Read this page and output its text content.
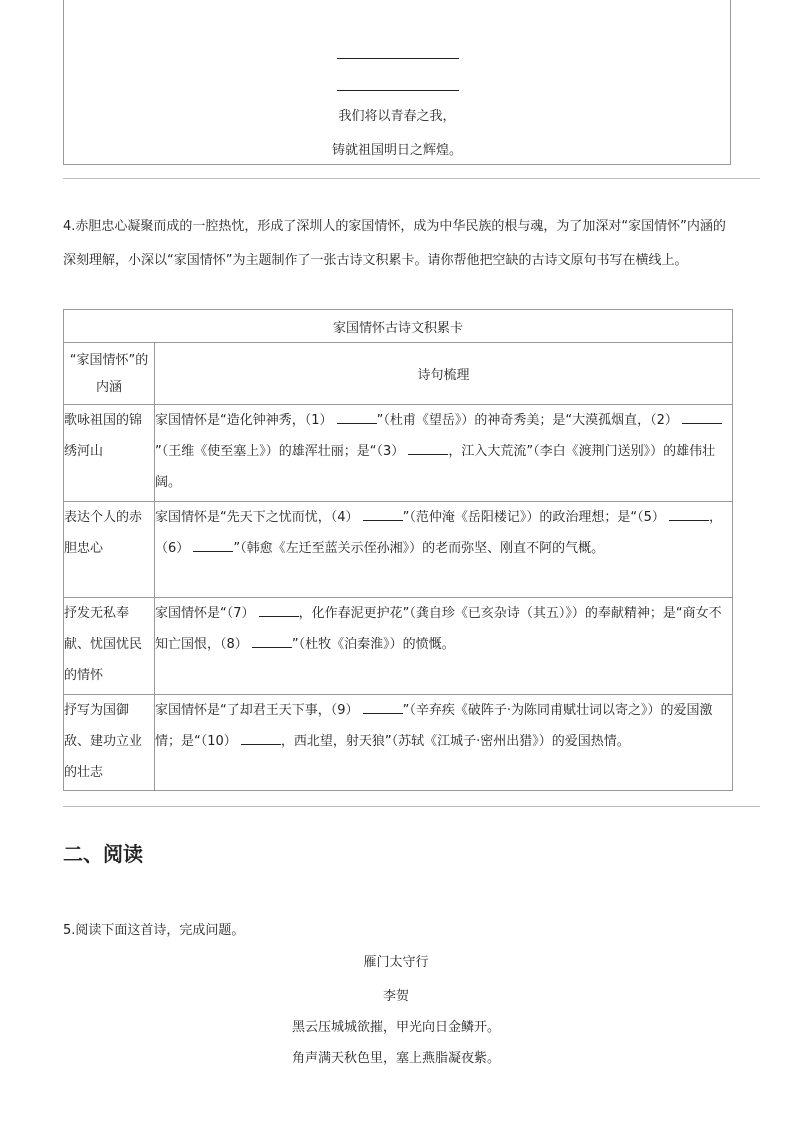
我们将以青春之我，
铸就祖国明日之辉煌。
4.赤胆忠心凝聚而成的一腔热忱，形成了深圳人的家国情怀，成为中华民族的根与魂，为了加深对“家国情怀”内涵的深刻理解，小深以“家国情怀”为主题制作了一张古诗文积累卡。请你帮他把空缺的古诗文原句书写在横线上。
家国情怀古诗文积累卡	
“家国情怀”的内涵	诗句梳理
歌咏祖国的锦绣河山	家国情怀是“造化钟神秀，（1） ”（杜甫《望岳》）的神奇秀美；是“大漠孤烟直，（2） ”（王维《使至塞上》）的雄浑壮丽；是“（3） ，江入大荒流”（李白《渡荆门送别》）的雄伟壮阔。
表达个人的赤胆忠心	家国情怀是“先天下之忧而忧，（4） ”（范仲淹《岳阳楼记》）的政治理想；是“（5） ，（6） ”（韩愈《左迁至蓝关示侄孙湘》）的老而弥坚、刚直不阿的气概。
抒发无私奉献、忧国忧民的情怀	家国情怀是“（7） ，化作春泥更护花”（龚自珍《已亥杂诗（其五）》）的奉献精神；是“商女不知亡国恨，（8） ”（杜牧《泊秦淮》）的愤慨。
抒写为国御敌、建功立业的壮志	家国情怀是“了却君王天下事，（9） ”（辛弃疾《破阵子·为陈同甫赋壮词以寄之》）的爱国激情；是“（10） ，西北望，射天狼”（苏轼《江城子·密州出猎》）的爱国热情。
二、阅读
5.阅读下面这首诗，完成问题。
雁门太守行
李贺
黑云压城城欲摧，甲光向日金鳞开。
角声满天秋色里，塞上燕脂凝夜紫。
